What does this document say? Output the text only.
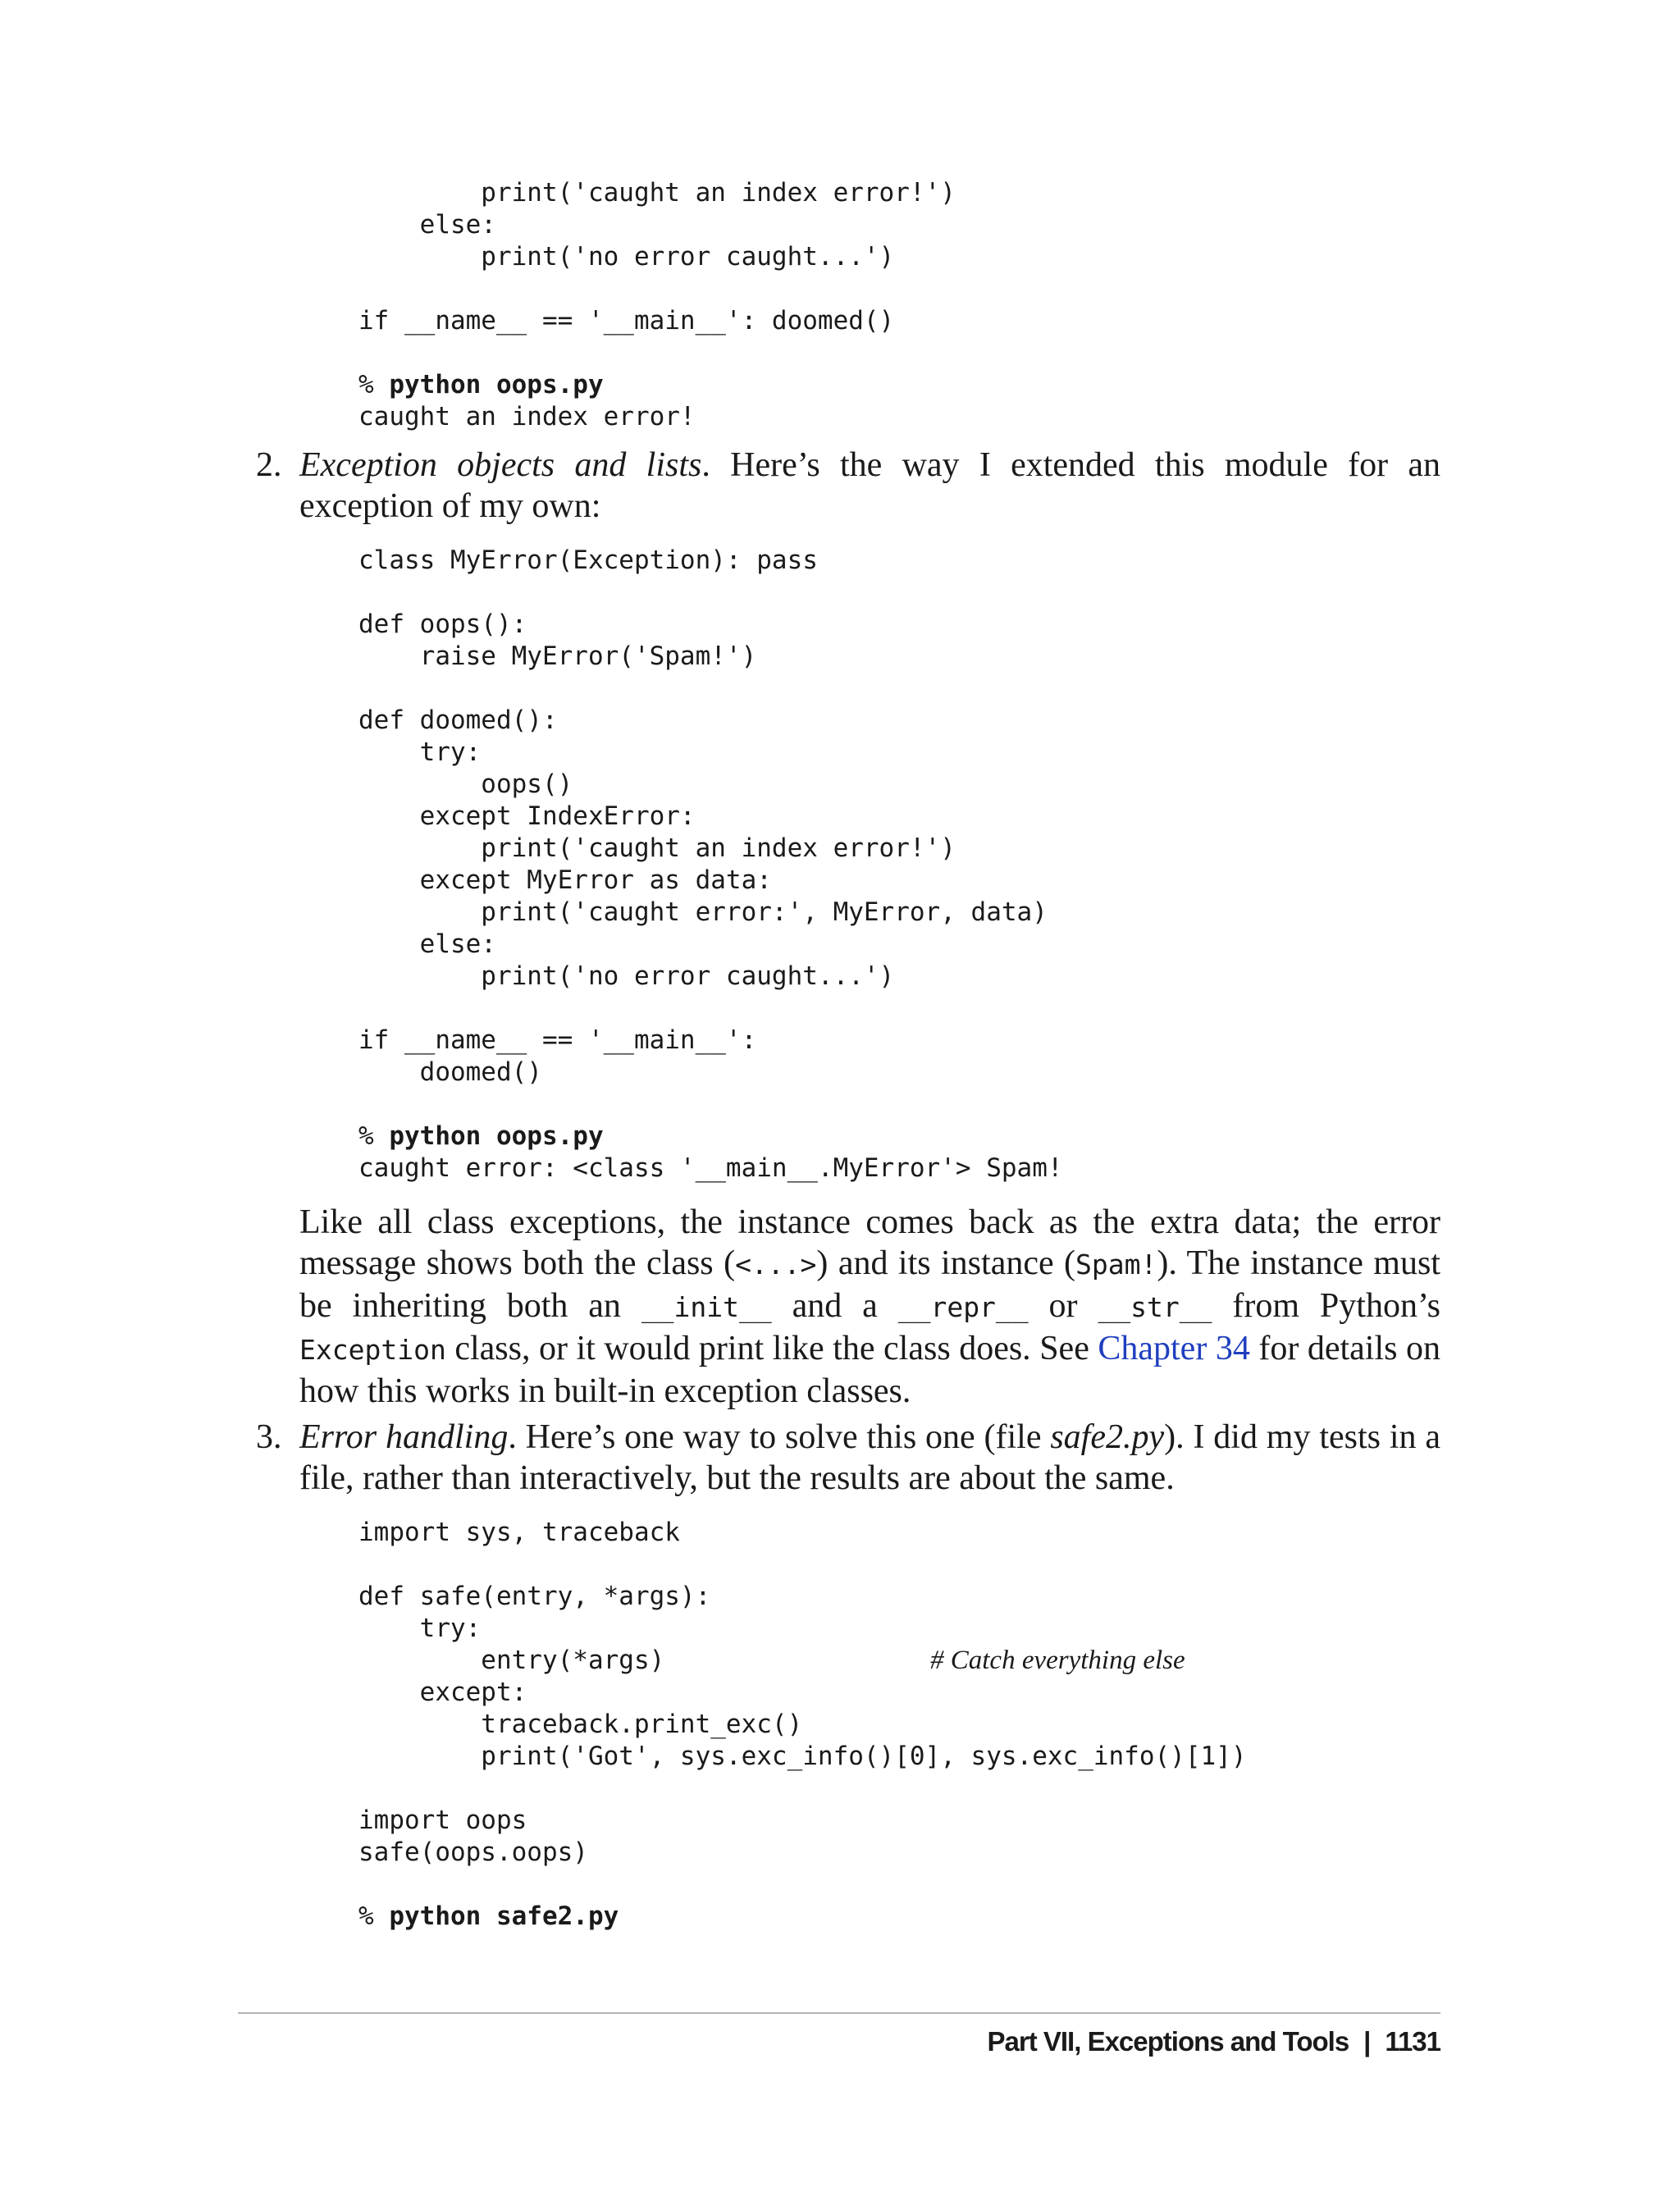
print('caught an index error!')
else:
print('no error caught...')
if __name__ == '__main__': doomed()
% python oops.py
caught an index error!
2. Exception objects and lists. Here’s the way I extended this module for an exception of my own:
class MyError(Exception): pass
def oops():
raise MyError('Spam!')
def doomed():
try:
oops()
except IndexError:
print('caught an index error!')
except MyError as data:
print('caught error:', MyError, data)
else:
print('no error caught...')
if __name__ == '__main__':
doomed()
% python oops.py
caught error: <class '__main__.MyError'> Spam!
Like all class exceptions, the instance comes back as the extra data; the error message shows both the class (<...>) and its instance (Spam!). The instance must be inheriting both an __init__ and a __repr__ or __str__ from Python’s Exception class, or it would print like the class does. See Chapter 34 for details on how this works in built-in exception classes.
3. Error handling. Here’s one way to solve this one (file safe2.py). I did my tests in a file, rather than interactively, but the results are about the same.
import sys, traceback
def safe(entry, *args):
try:
entry(*args)	# Catch everything else
except:
traceback.print_exc()
print('Got', sys.exc_info()[0], sys.exc_info()[1])
import oops
safe(oops.oops)
% python safe2.py
Part VII, Exceptions and Tools | 1131
